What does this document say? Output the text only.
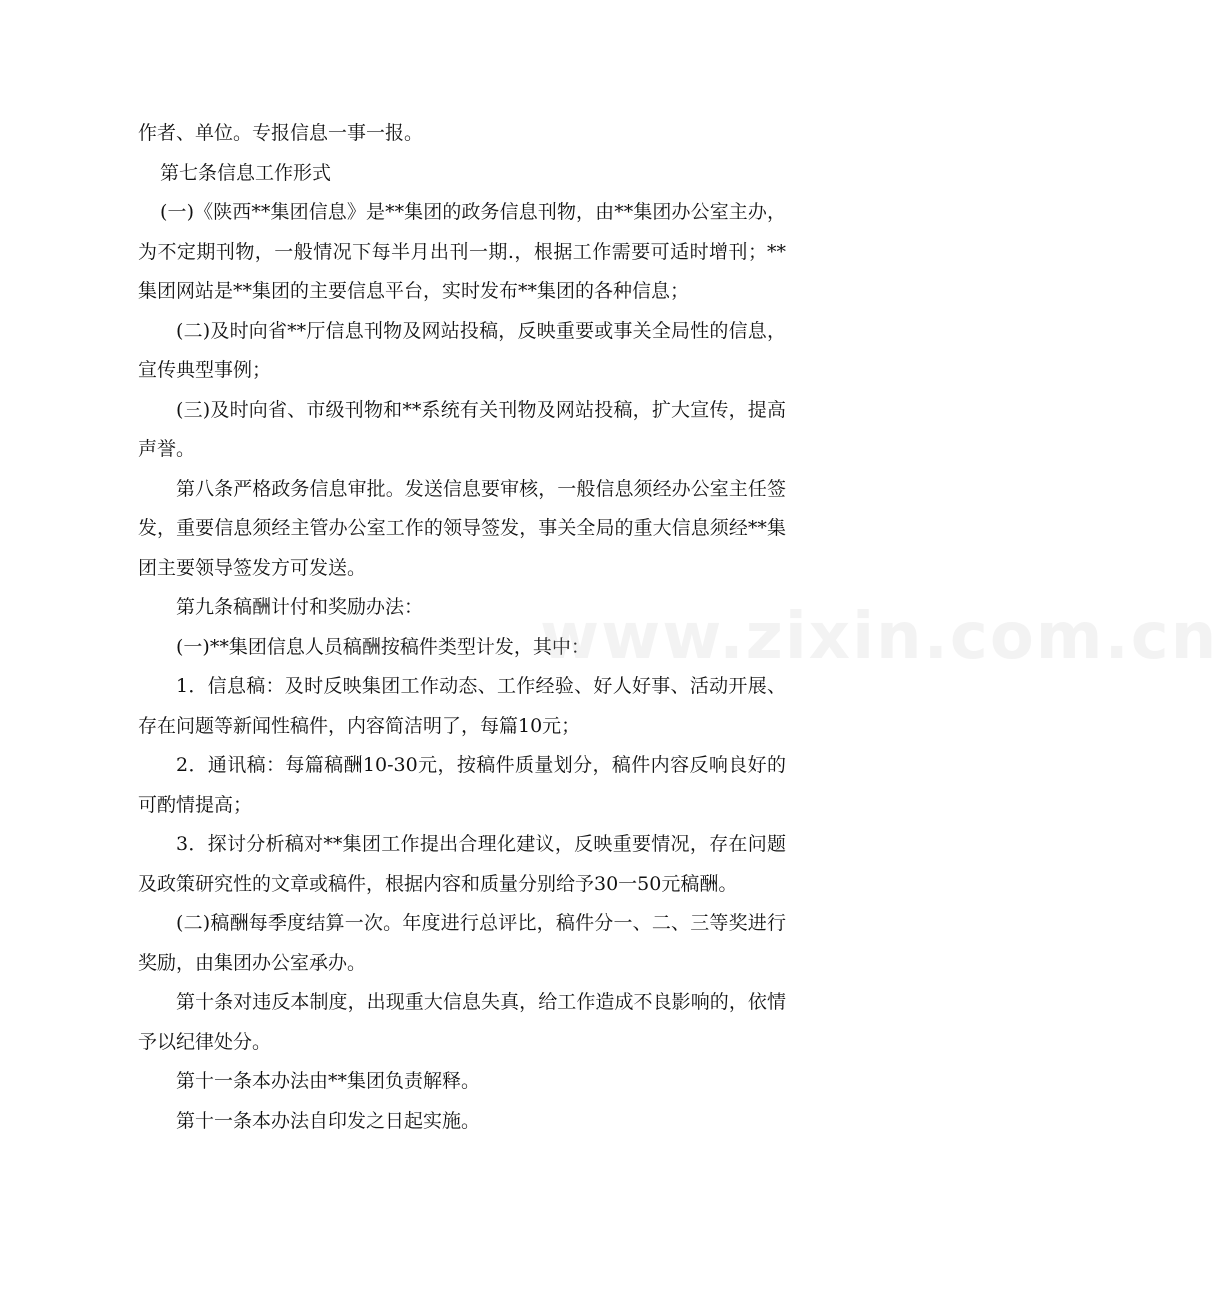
作者、单位。专报信息一事一报。

第七条信息工作形式

(一)《陕西**集团信息》是**集团的政务信息刊物，由**集团办公室主办，为不定期刊物，一般情况下每半月出刊一期.，根据工作需要可适时增刊；**集团网站是**集团的主要信息平台，实时发布**集团的各种信息；

(二)及时向省**厅信息刊物及网站投稿，反映重要或事关全局性的信息，宣传典型事例；

(三)及时向省、市级刊物和**系统有关刊物及网站投稿，扩大宣传，提高声誉。

第八条严格政务信息审批。发送信息要审核，一般信息须经办公室主任签发，重要信息须经主管办公室工作的领导签发，事关全局的重大信息须经**集团主要领导签发方可发送。

第九条稿酬计付和奖励办法：

(一)**集团信息人员稿酬按稿件类型计发，其中：

1．信息稿：及时反映集团工作动态、工作经验、好人好事、活动开展、存在问题等新闻性稿件，内容简洁明了，每篇10元；

2．通讯稿：每篇稿酬10-30元，按稿件质量划分，稿件内容反响良好的可酌情提高；

3．探讨分析稿对**集团工作提出合理化建议，反映重要情况，存在问题及政策研究性的文章或稿件，根据内容和质量分别给予30一50元稿酬。

(二)稿酬每季度结算一次。年度进行总评比，稿件分一、二、三等奖进行奖励，由集团办公室承办。

第十条对违反本制度，出现重大信息失真，给工作造成不良影响的，依情予以纪律处分。

第十一条本办法由**集团负责解释。

第十一条本办法自印发之日起实施。

www.zixin.com.cn
